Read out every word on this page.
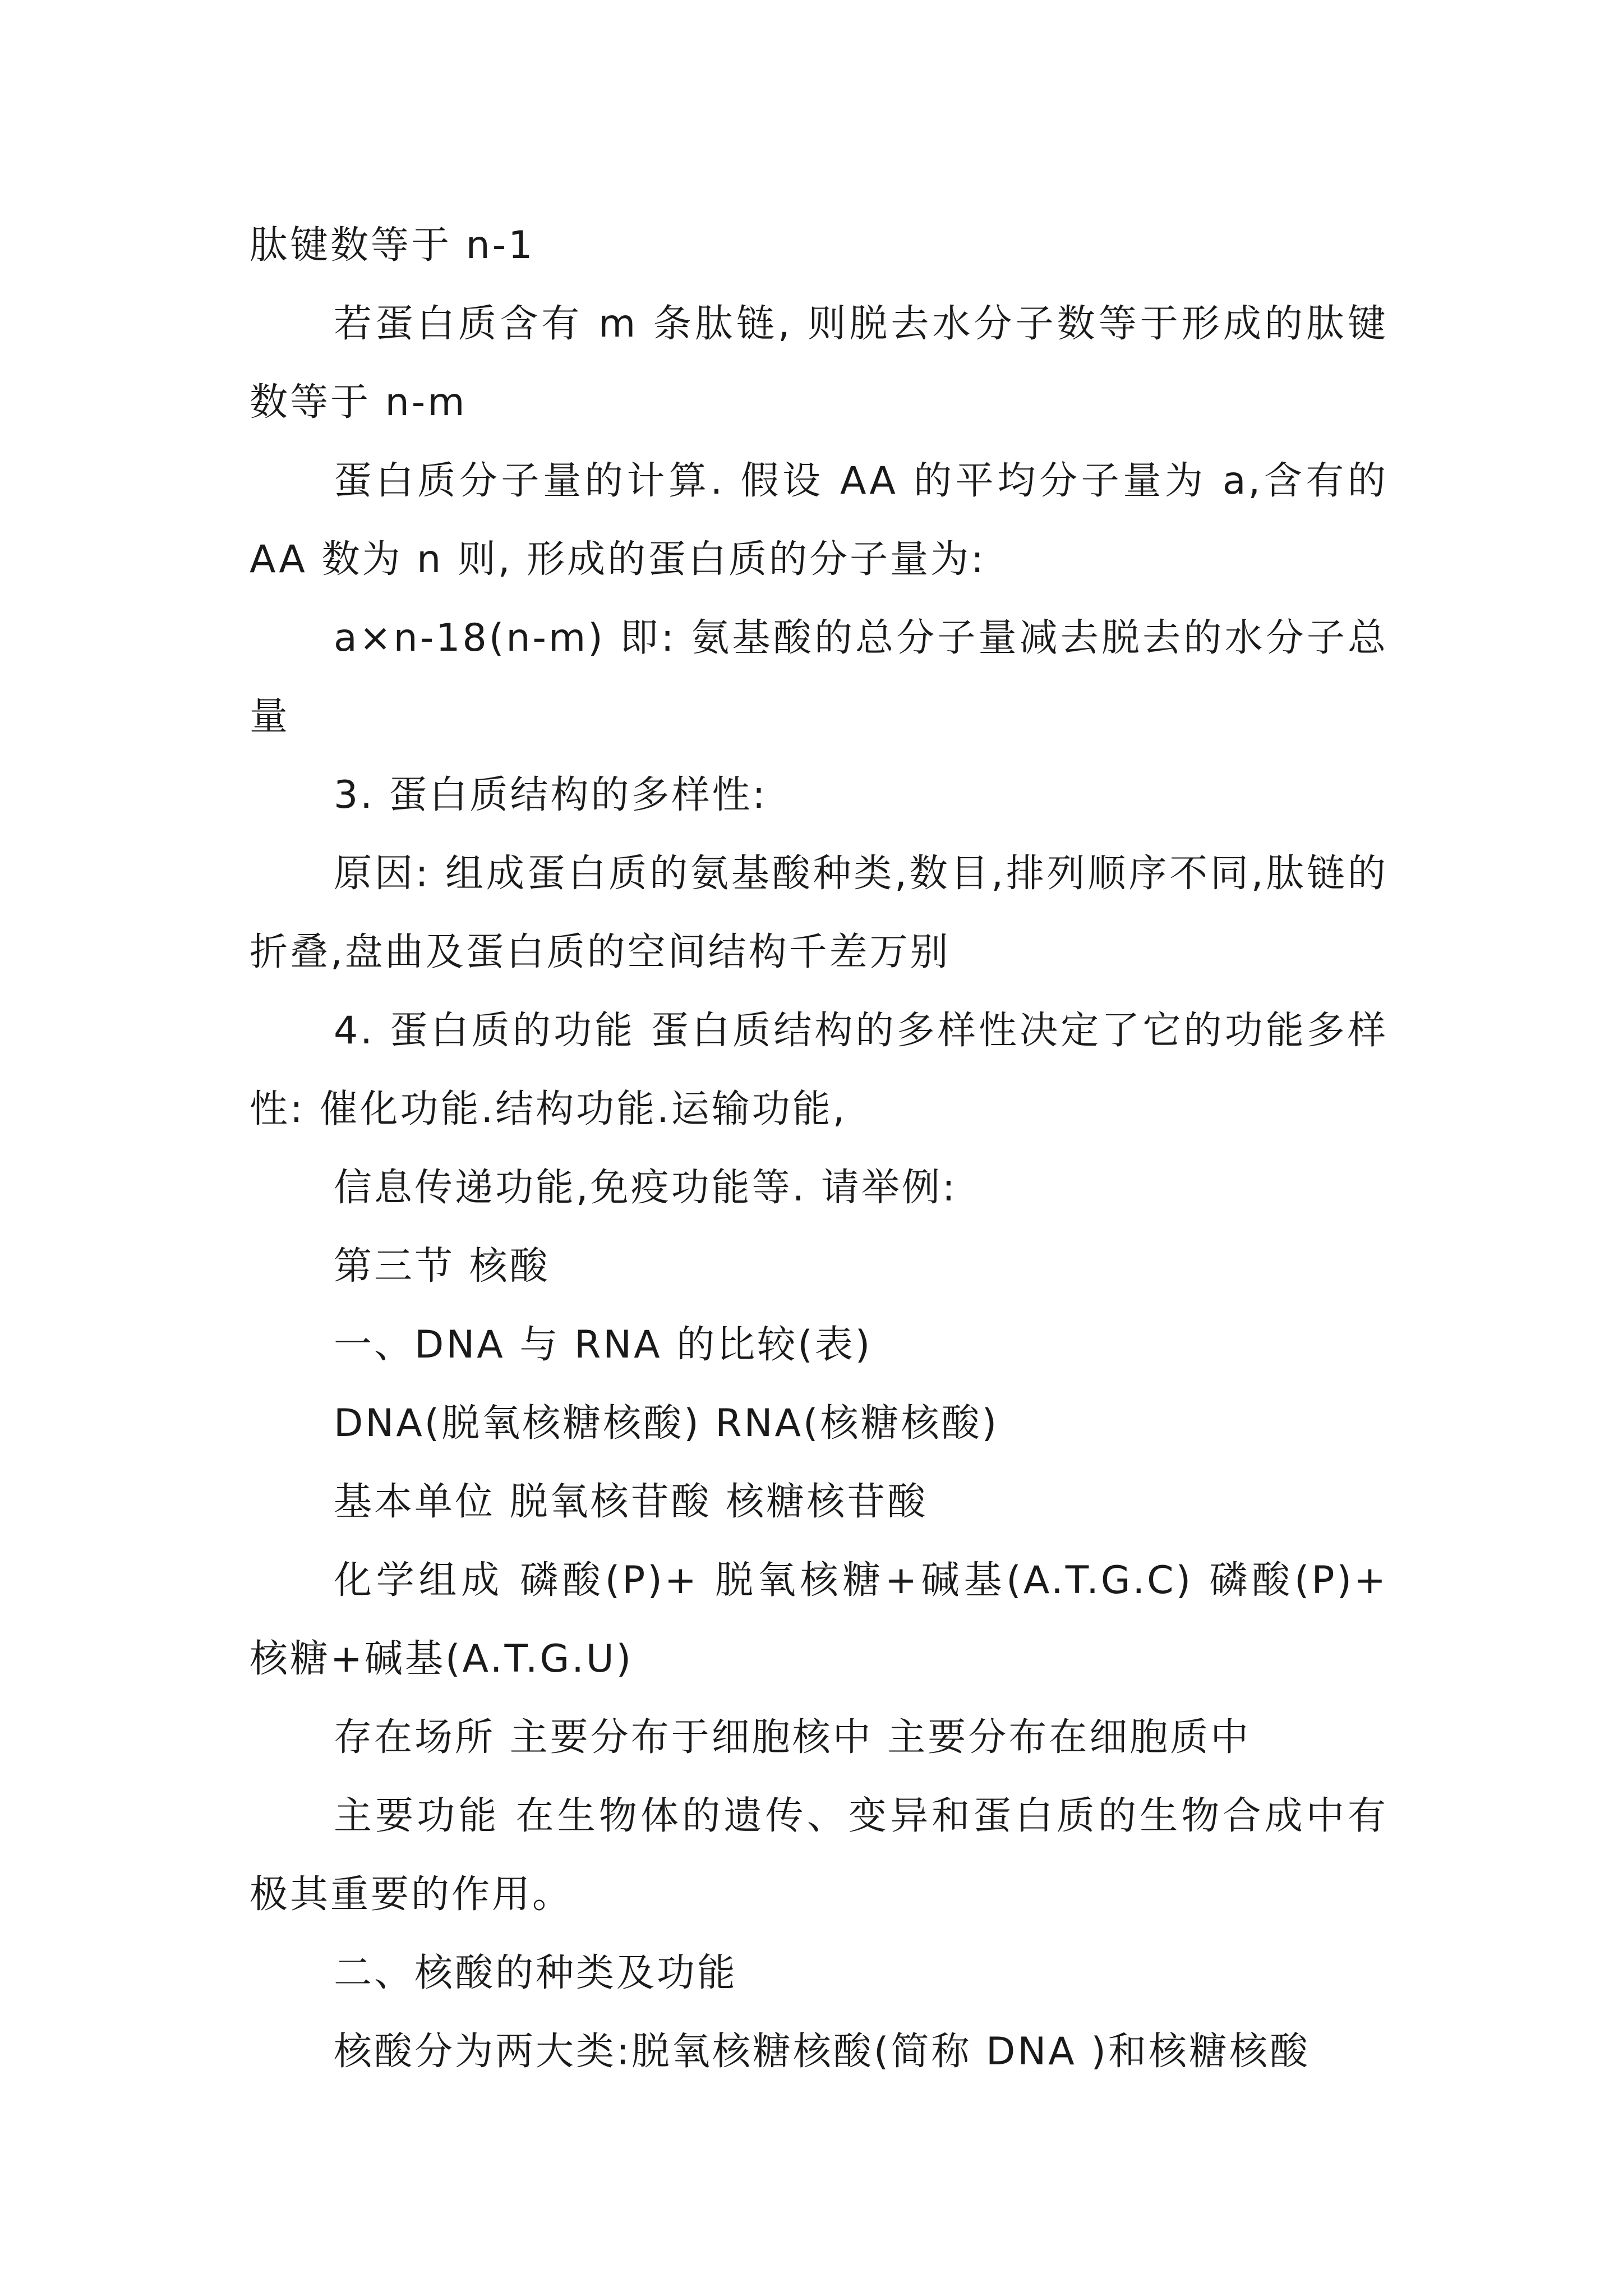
肽键数等于 n-1

若蛋白质含有 m 条肽链, 则脱去水分子数等于形成的肽键数等于 n-m

蛋白质分子量的计算. 假设 AA 的平均分子量为 a,含有的 AA 数为 n 则, 形成的蛋白质的分子量为:

a×n-18(n-m) 即: 氨基酸的总分子量减去脱去的水分子总量

3. 蛋白质结构的多样性:

原因: 组成蛋白质的氨基酸种类,数目,排列顺序不同,肽链的折叠,盘曲及蛋白质的空间结构千差万别

4. 蛋白质的功能 蛋白质结构的多样性决定了它的功能多样性: 催化功能.结构功能.运输功能,

信息传递功能,免疫功能等. 请举例:

第三节 核酸

一、DNA 与 RNA 的比较(表)

DNA(脱氧核糖核酸) RNA(核糖核酸)

基本单位 脱氧核苷酸 核糖核苷酸

化学组成 磷酸(P)+ 脱氧核糖+碱基(A.T.G.C) 磷酸(P)+ 核糖+碱基(A.T.G.U)

存在场所 主要分布于细胞核中 主要分布在细胞质中

主要功能 在生物体的遗传、变异和蛋白质的生物合成中有极其重要的作用。

二、核酸的种类及功能

核酸分为两大类:脱氧核糖核酸(简称 DNA )和核糖核酸
